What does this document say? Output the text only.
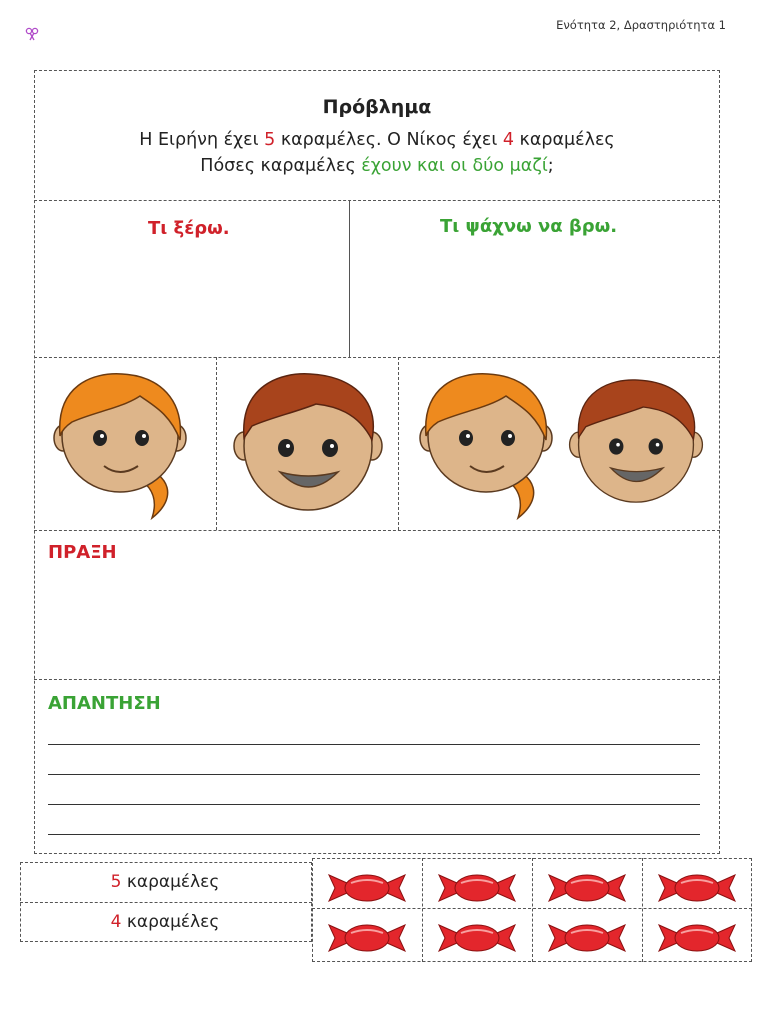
Ενότητα 2, Δραστηριότητα 1
Πρόβλημα
Η Ειρήνη έχει 5 καραμέλες. Ο Νίκος έχει 4 καραμέλες
Πόσες καραμέλες έχουν και οι δύο μαζί;
Τι ξέρω.	Τι ψάχνω να βρω.
ΠΡΑΞΗ
ΑΠΑΝΤΗΣΗ
5 καραμέλες
4 καραμέλες
